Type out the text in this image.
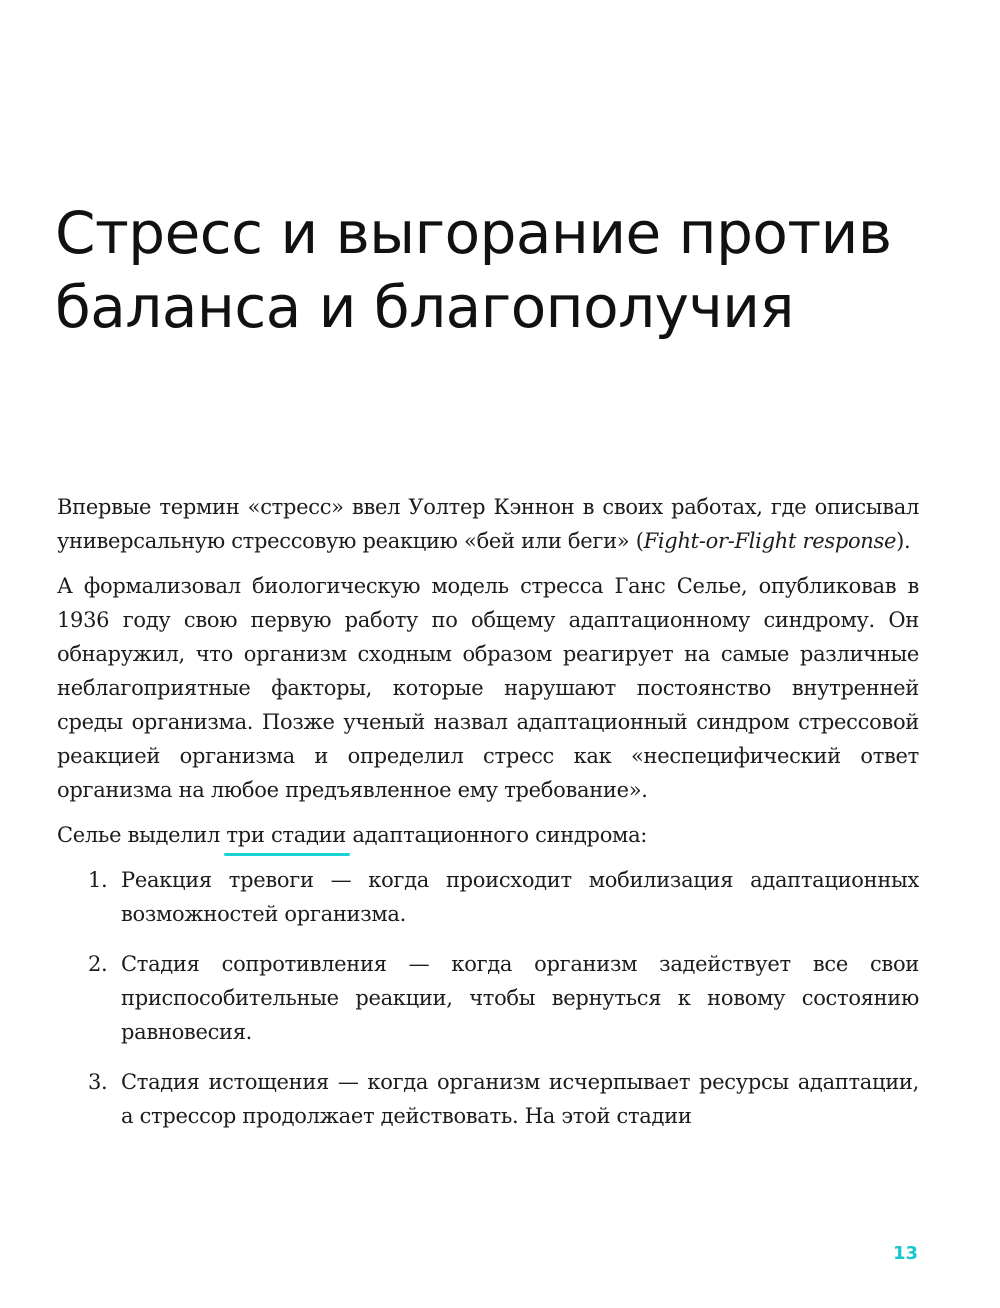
Стресс и выгорание против
баланса и благополучия

Впервые термин «стресс» ввел Уолтер Кэннон в своих работах, где описывал универсальную стрессовую реакцию «бей или беги» (Fight-or-Flight response).

А формализовал биологическую модель стресса Ганс Селье, опубликовав в 1936 году свою первую работу по общему адаптационному синдрому. Он обнаружил, что организм сходным образом реагирует на самые различные неблагоприятные факторы, которые нарушают постоянство внутренней среды организма. Позже ученый назвал адаптационный синдром стрессовой реакцией организма и определил стресс как «неспецифический ответ организма на любое предъявленное ему требование».

Селье выделил три стадии адаптационного синдрома:

1. Реакция тревоги — когда происходит мобилизация адаптационных возможностей организма.
2. Стадия сопротивления — когда организм задействует все свои приспособительные реакции, чтобы вернуться к новому состоянию равновесия.
3. Стадия истощения — когда организм исчерпывает ресурсы адаптации, а стрессор продолжает действовать. На этой стадии
13
